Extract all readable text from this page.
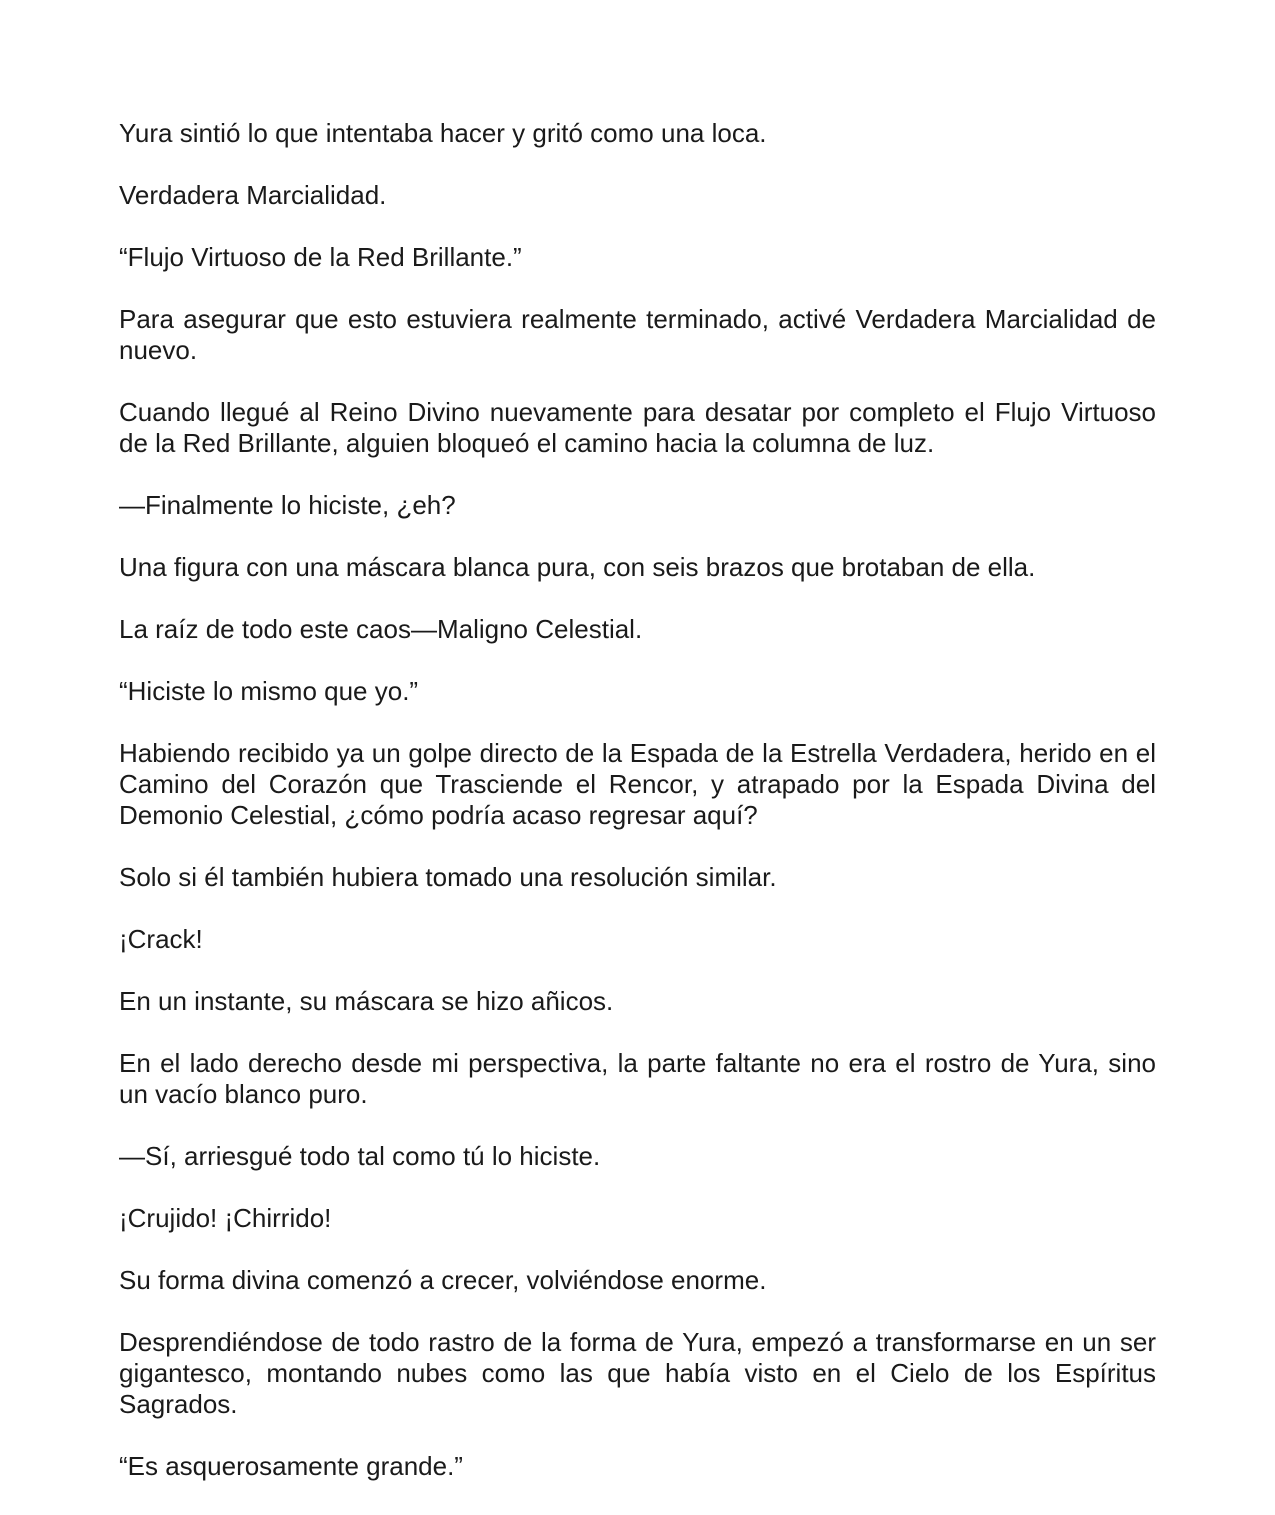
Yura sintió lo que intentaba hacer y gritó como una loca.

Verdadera Marcialidad.

“Flujo Virtuoso de la Red Brillante.”

Para asegurar que esto estuviera realmente terminado, activé Verdadera Marcialidad de nuevo.

Cuando llegué al Reino Divino nuevamente para desatar por completo el Flujo Virtuoso de la Red Brillante, alguien bloqueó el camino hacia la columna de luz.

—Finalmente lo hiciste, ¿eh?

Una figura con una máscara blanca pura, con seis brazos que brotaban de ella.

La raíz de todo este caos—Maligno Celestial.

“Hiciste lo mismo que yo.”

Habiendo recibido ya un golpe directo de la Espada de la Estrella Verdadera, herido en el Camino del Corazón que Trasciende el Rencor, y atrapado por la Espada Divina del Demonio Celestial, ¿cómo podría acaso regresar aquí?

Solo si él también hubiera tomado una resolución similar.

¡Crack!

En un instante, su máscara se hizo añicos.

En el lado derecho desde mi perspectiva, la parte faltante no era el rostro de Yura, sino un vacío blanco puro.

—Sí, arriesgué todo tal como tú lo hiciste.

¡Crujido! ¡Chirrido!

Su forma divina comenzó a crecer, volviéndose enorme.

Desprendiéndose de todo rastro de la forma de Yura, empezó a transformarse en un ser gigantesco, montando nubes como las que había visto en el Cielo de los Espíritus Sagrados.

“Es asquerosamente grande.”
